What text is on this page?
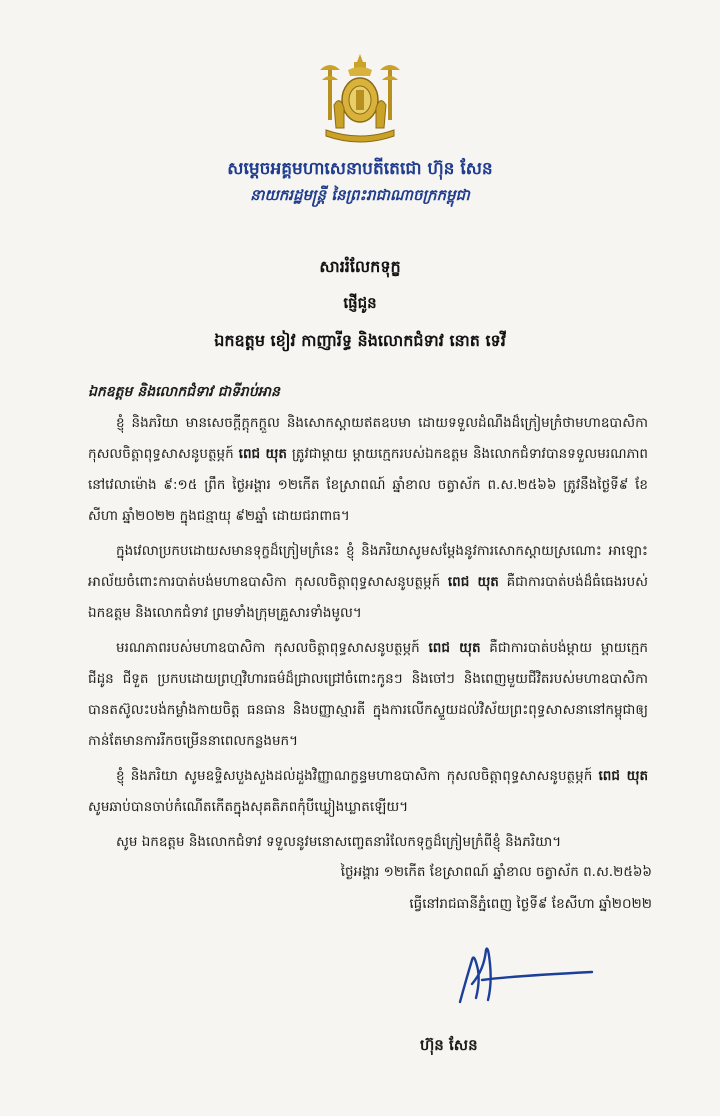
សម្ដេចអគ្គមហាសេនាបតីតេជោ ហ៊ុន សែន
នាយករដ្ឋមន្ត្រី នៃព្រះរាជាណាចក្រកម្ពុជា
សាររំលែកទុក្ខ
ផ្ញើជូន
ឯកឧត្ដម ខៀវ កាញារីទ្ធ និងលោកជំទាវ នោត ទេវី
ឯកឧត្ដម និងលោកជំទាវ ជាទីរាប់អាន

ខ្ញុំ និងភរិយា មានសេចក្ដីក្ដុកក្ដួល និងសោកស្ដាយឥតឧបមា ដោយទទួលដំណឹងដ៏ក្រៀមក្រំថាមហាឧបាសិកា កុសលចិត្តាពុទ្ធសាសនូបត្ថម្ភក៍ ពេជ យុត ត្រូវជាម្ដាយ ម្ដាយក្មេករបស់ឯកឧត្ដម និងលោកជំទាវបានទទួលមរណភាពនៅវេលាម៉ោង ៩:១៥ ព្រឹក ថ្ងៃអង្គារ ១២កើត ខែស្រាពណ៍ ឆ្នាំខាល ចត្វាស័ក ព.ស.២៥៦៦ ត្រូវនឹងថ្ងៃទី៩ ខែសីហា ឆ្នាំ២០២២ ក្នុងជន្មាយុ ៩២ឆ្នាំ ដោយជរាពាធ។

ក្នុងវេលាប្រកបដោយសមានទុក្ខដ៏ក្រៀមក្រំនេះ ខ្ញុំ និងភរិយាសូមសម្ដែងនូវការសោកស្ដាយស្រណោះ អាឡោះអាល័យចំពោះការបាត់បង់មហាឧបាសិកា កុសលចិត្តាពុទ្ធសាសនូបត្ថម្ភក៍ ពេជ យុត គឺជាការបាត់បង់ដ៏ធំធេងរបស់ឯកឧត្ដម និងលោកជំទាវ ព្រមទាំងក្រុមគ្រួសារទាំងមូល។

មរណភាពរបស់មហាឧបាសិកា កុសលចិត្តាពុទ្ធសាសនូបត្ថម្ភក៍ ពេជ យុត គឺជាការបាត់បង់ម្ដាយ ម្ដាយក្មេក ជីដូន ជីទួត ប្រកបដោយព្រហ្មវិហារធម៌ដ៏ជ្រាលជ្រៅចំពោះកូនៗ និងចៅៗ និងពេញមួយជីវិតរបស់មហាឧបាសិកា បានតស៊ូលះបង់កម្លាំងកាយចិត្ត ធនធាន និងបញ្ញាស្មារតី ក្នុងការលើកស្ទួយដល់វិស័យព្រះពុទ្ធសាសនានៅកម្ពុជាឲ្យកាន់តែមានការរីកចម្រើននាពេលកន្លងមក។

ខ្ញុំ និងភរិយា សូមឧទ្ទិសបួងសួងដល់ដួងវិញ្ញាណក្ខន្ធមហាឧបាសិកា កុសលចិត្តាពុទ្ធសាសនូបត្ថម្ភក៍ ពេជ យុត សូមឆាប់បានចាប់កំណើតកើតក្នុងសុគតិភពកុំបីឃ្លៀងឃ្លាតឡើយ។

សូម ឯកឧត្ដម និងលោកជំទាវ ទទួលនូវមនោសញ្ចេតនារំលែកទុក្ខដ៏ក្រៀមក្រំពីខ្ញុំ និងភរិយា។

ថ្ងៃអង្គារ ១២កើត ខែស្រាពណ៍ ឆ្នាំខាល ចត្វាស័ក ព.ស.២៥៦៦
ធ្វើនៅរាជធានីភ្នំពេញ ថ្ងៃទី៩ ខែសីហា ឆ្នាំ២០២២
ហ៊ុន សែន
